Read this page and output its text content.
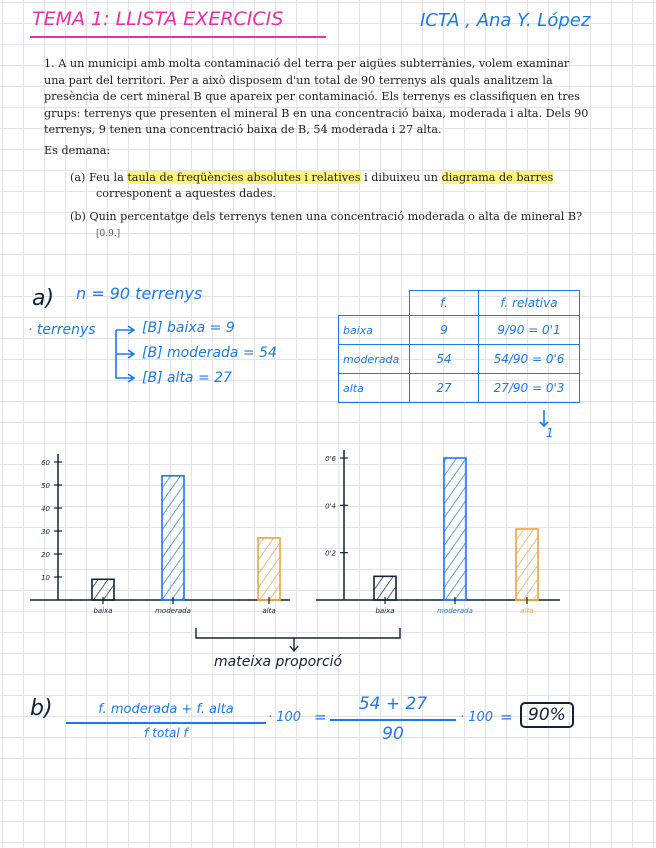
TEMA 1: LLISTA EXERCICIS	ICTA , Ana Y. López
1. A un municipi amb molta contaminació del terra per aigües subterrànies, volem examinar una part del territori. Per a això disposem d'un total de 90 terrenys als quals analitzem la presència de cert mineral B que apareix per contaminació. Els terrenys es classifiquen en tres grups: terrenys que presenten el mineral B en una concentració baixa, moderada i alta. Dels 90 terrenys, 9 tenen una concentració baixa de B, 54 moderada i 27 alta.
Es demana:
(a) Feu la taula de freqüències absolutes i relatives i dibuixeu un diagrama de barres corresponent a aquestes dades.
(b) Quin percentatge dels terrenys tenen una concentració moderada o alta de mineral B?
[0.9.]
a) n = 90 terrenys
· terrenys	[B] baixa = 9
[B] moderada = 54
[B] alta = 27
	f.	f. relativa
baixa	9	9/90 = 0'1
moderada	54	54/90 = 0'6
alta	27	27/90 = 0'3
1
10
20
30
40
50
60
baixa	moderada	alta
0'2
0'4
0'6
baixa	moderada	alta
mateixa proporció
b)	f. moderada + f. alta
f total f
· 100 =
54 + 27
90
· 100 = 90%
